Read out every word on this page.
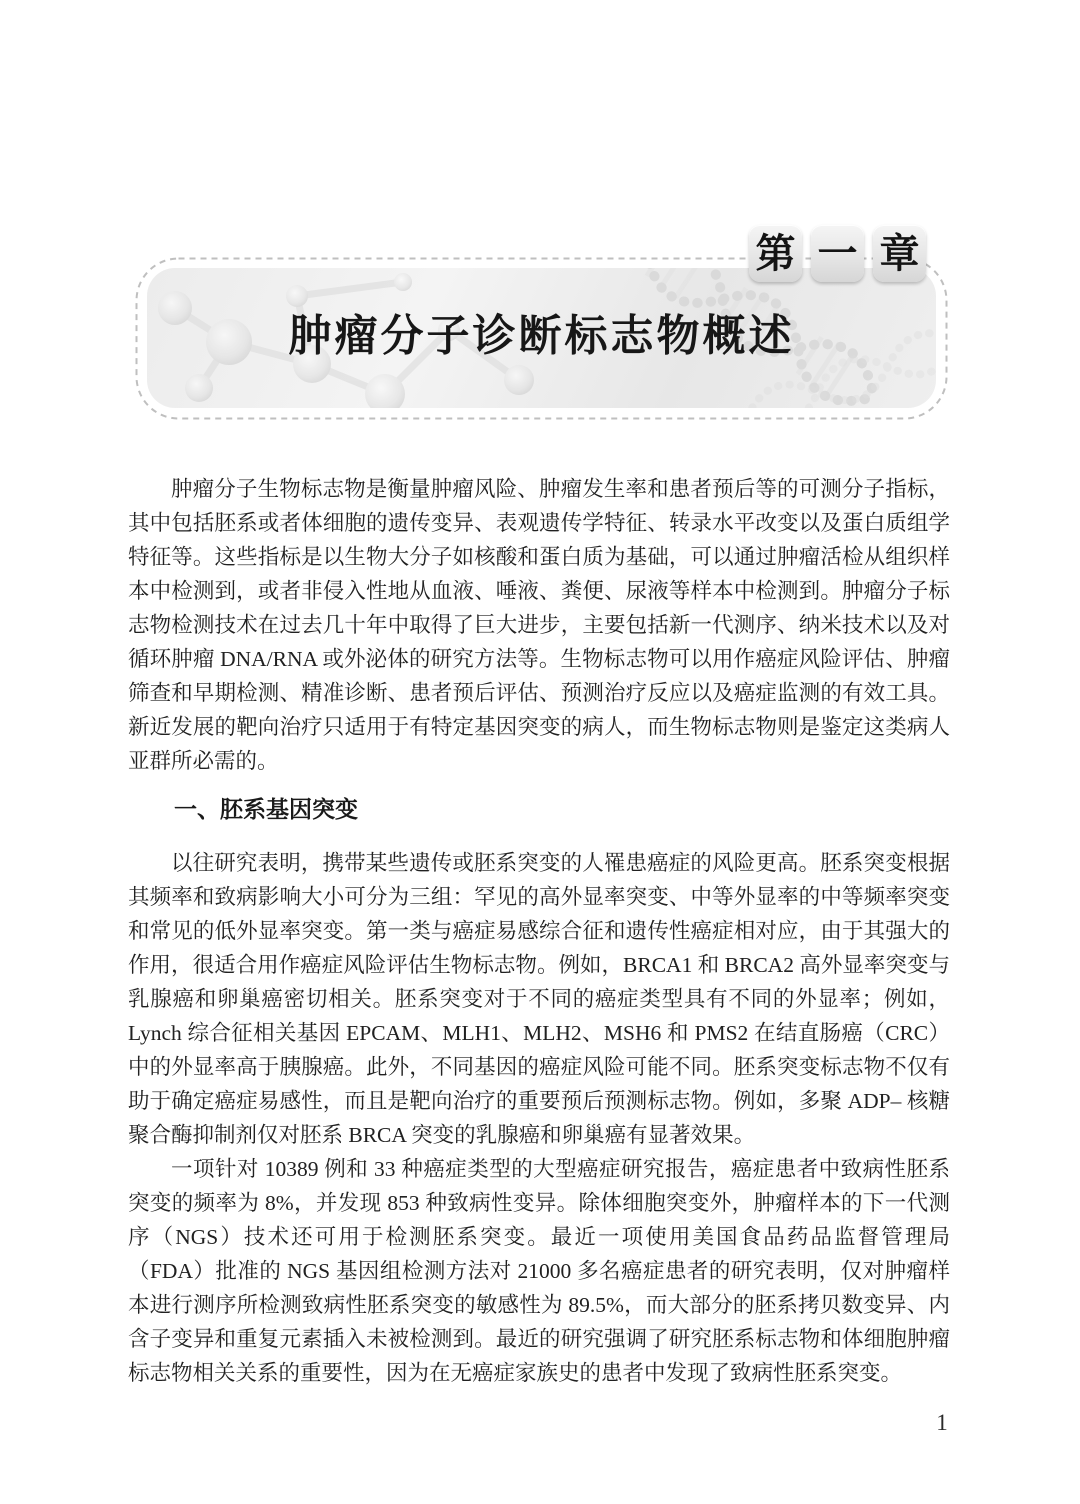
肿瘤分子诊断标志物概述
第 一 章

肿瘤分子生物标志物是衡量肿瘤风险、肿瘤发生率和患者预后等的可测分子指标，其中包括胚系或者体细胞的遗传变异、表观遗传学特征、转录水平改变以及蛋白质组学特征等。这些指标是以生物大分子如核酸和蛋白质为基础，可以通过肿瘤活检从组织样本中检测到，或者非侵入性地从血液、唾液、粪便、尿液等样本中检测到。肿瘤分子标志物检测技术在过去几十年中取得了巨大进步，主要包括新一代测序、纳米技术以及对循环肿瘤 DNA/RNA 或外泌体的研究方法等。生物标志物可以用作癌症风险评估、肿瘤筛查和早期检测、精准诊断、患者预后评估、预测治疗反应以及癌症监测的有效工具。新近发展的靶向治疗只适用于有特定基因突变的病人，而生物标志物则是鉴定这类病人亚群所必需的。

一、胚系基因突变

以往研究表明，携带某些遗传或胚系突变的人罹患癌症的风险更高。胚系突变根据其频率和致病影响大小可分为三组：罕见的高外显率突变、中等外显率的中等频率突变和常见的低外显率突变。第一类与癌症易感综合征和遗传性癌症相对应，由于其强大的作用，很适合用作癌症风险评估生物标志物。例如，BRCA1 和 BRCA2 高外显率突变与乳腺癌和卵巢癌密切相关。胚系突变对于不同的癌症类型具有不同的外显率；例如，Lynch 综合征相关基因 EPCAM、MLH1、MLH2、MSH6 和 PMS2 在结直肠癌（CRC）中的外显率高于胰腺癌。此外，不同基因的癌症风险可能不同。胚系突变标志物不仅有助于确定癌症易感性，而且是靶向治疗的重要预后预测标志物。例如，多聚 ADP– 核糖聚合酶抑制剂仅对胚系 BRCA 突变的乳腺癌和卵巢癌有显著效果。

一项针对 10389 例和 33 种癌症类型的大型癌症研究报告，癌症患者中致病性胚系突变的频率为 8%，并发现 853 种致病性变异。除体细胞突变外，肿瘤样本的下一代测序（NGS）技术还可用于检测胚系突变。最近一项使用美国食品药品监督管理局（FDA）批准的 NGS 基因组检测方法对 21000 多名癌症患者的研究表明，仅对肿瘤样本进行测序所检测致病性胚系突变的敏感性为 89.5%，而大部分的胚系拷贝数变异、内含子变异和重复元素插入未被检测到。最近的研究强调了研究胚系标志物和体细胞肿瘤标志物相关关系的重要性，因为在无癌症家族史的患者中发现了致病性胚系突变。

1
